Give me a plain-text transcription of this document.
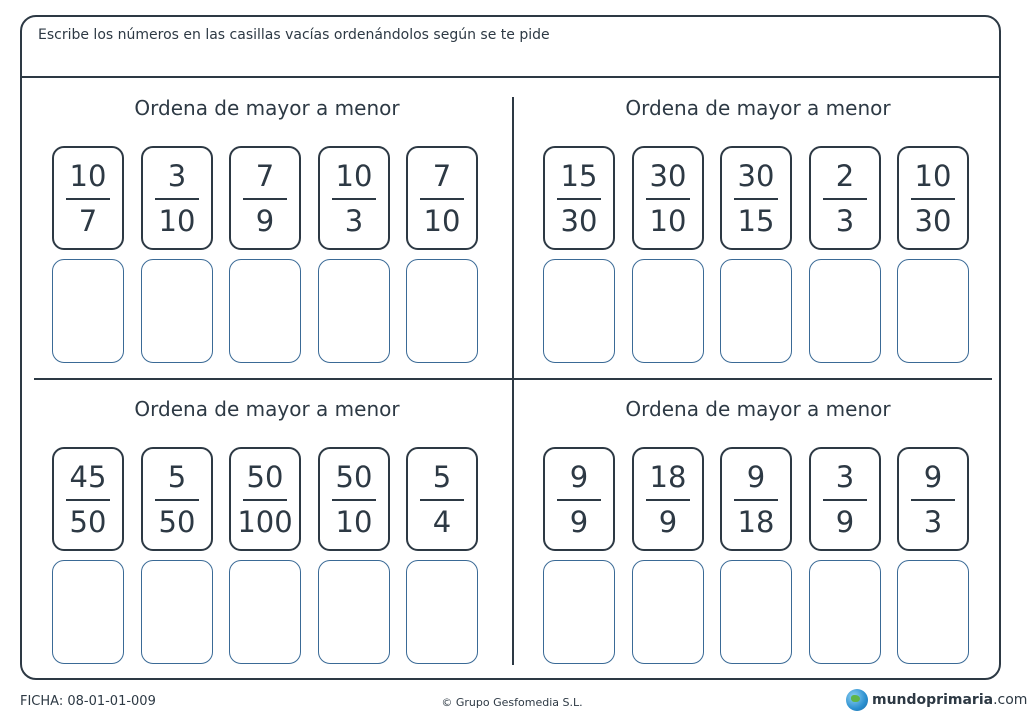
Escribe los números en las casillas vacías ordenándolos según se te pide
Ordena de mayor a menor
10
7
3
10
7
9
10
3
7
10
Ordena de mayor a menor
15
30
30
10
30
15
2
3
10
30
Ordena de mayor a menor
45
50
5
50
50
100
50
10
5
4
Ordena de mayor a menor
9
9
18
9
9
18
3
9
9
3
FICHA: 08-01-01-009	© Grupo Gesfomedia S.L.	mundoprimaria.com
